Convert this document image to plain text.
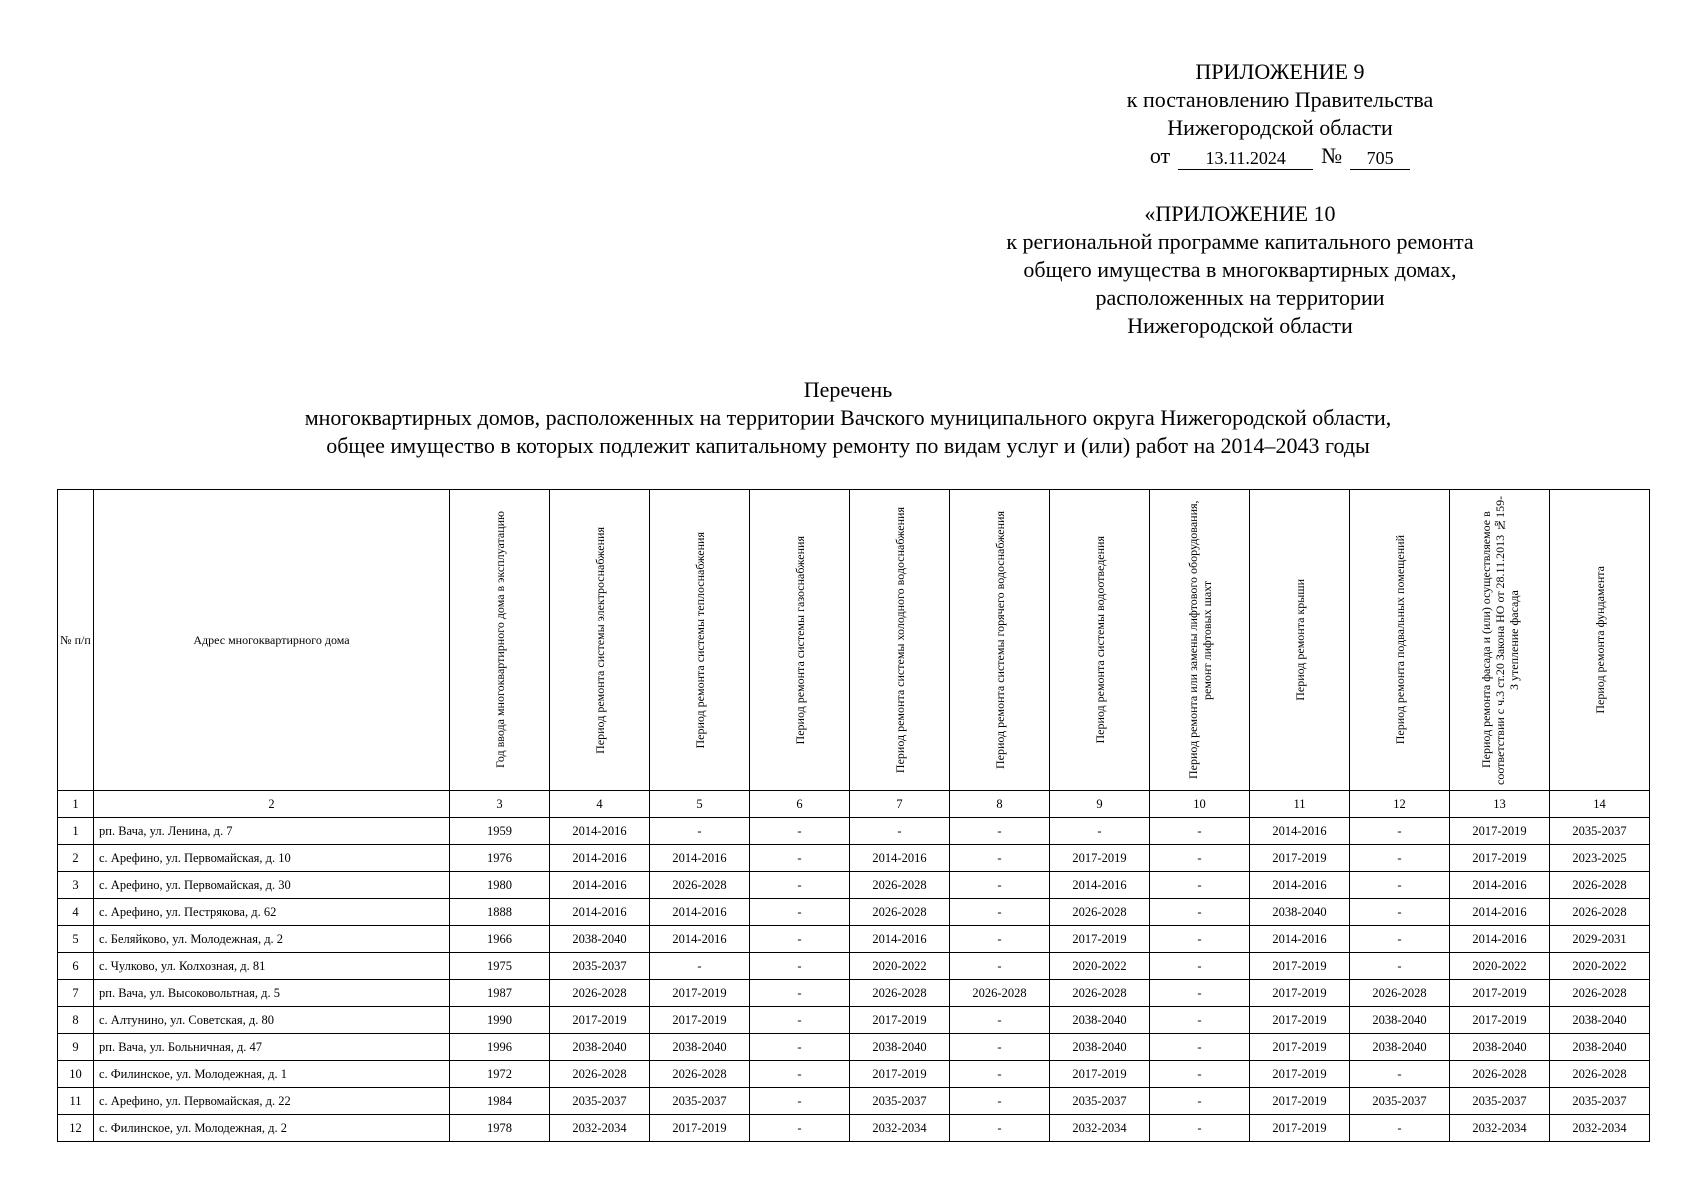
ПРИЛОЖЕНИЕ 9
к постановлению Правительства
Нижегородской области
от	13.11.2024	№	705
«ПРИЛОЖЕНИЕ 10
к региональной программе капитального ремонта
общего имущества в многоквартирных домах,
расположенных на территории
Нижегородской области
Перечень
многоквартирных домов, расположенных на территории Вачского муниципального округа Нижегородской области,
общее имущество в которых подлежит капитальному ремонту по видам услуг и (или) работ на 2014–2043 годы
№ п/п	Адрес многоквартирного дома	Год ввода многоквартирного дома в эксплуатацию	Период ремонта системы электроснабжения	Период ремонта системы теплоснабжения	Период ремонта системы газоснабжения	Период ремонта системы холодного водоснабжения	Период ремонта системы горячего водоснабжения	Период ремонта системы водоотведения	Период ремонта или замены лифтового оборудования, ремонт лифтовых шахт	Период ремонта крыши	Период ремонта подвальных помещений	Период ремонта фасада и (или) осуществляемое в соответствии с ч.3 ст.20 Закона НО от 28.11.2013 №159-З утепление фасада	Период ремонта фундамента

1	2	3	4	5	6	7	8	9	10	11	12	13	14
1	рп. Вача, ул. Ленина, д. 7	1959	2014-2016	-	-	-	-	-	-	2014-2016	-	2017-2019	2035-2037
2	с. Арефино, ул. Первомайская, д. 10	1976	2014-2016	2014-2016	-	2014-2016	-	2017-2019	-	2017-2019	-	2017-2019	2023-2025
3	с. Арефино, ул. Первомайская, д. 30	1980	2014-2016	2026-2028	-	2026-2028	-	2014-2016	-	2014-2016	-	2014-2016	2026-2028
4	с. Арефино, ул. Пестрякова, д. 62	1888	2014-2016	2014-2016	-	2026-2028	-	2026-2028	-	2038-2040	-	2014-2016	2026-2028
5	с. Беляйково, ул. Молодежная, д. 2	1966	2038-2040	2014-2016	-	2014-2016	-	2017-2019	-	2014-2016	-	2014-2016	2029-2031
6	с. Чулково, ул. Колхозная, д. 81	1975	2035-2037	-	-	2020-2022	-	2020-2022	-	2017-2019	-	2020-2022	2020-2022
7	рп. Вача, ул. Высоковольтная, д. 5	1987	2026-2028	2017-2019	-	2026-2028	2026-2028	2026-2028	-	2017-2019	2026-2028	2017-2019	2026-2028
8	с. Алтунино, ул. Советская, д. 80	1990	2017-2019	2017-2019	-	2017-2019	-	2038-2040	-	2017-2019	2038-2040	2017-2019	2038-2040
9	рп. Вача, ул. Больничная, д. 47	1996	2038-2040	2038-2040	-	2038-2040	-	2038-2040	-	2017-2019	2038-2040	2038-2040	2038-2040
10	с. Филинское, ул. Молодежная, д. 1	1972	2026-2028	2026-2028	-	2017-2019	-	2017-2019	-	2017-2019	-	2026-2028	2026-2028
11	с. Арефино, ул. Первомайская, д. 22	1984	2035-2037	2035-2037	-	2035-2037	-	2035-2037	-	2017-2019	2035-2037	2035-2037	2035-2037
12	с. Филинское, ул. Молодежная, д. 2	1978	2032-2034	2017-2019	-	2032-2034	-	2032-2034	-	2017-2019	-	2032-2034	2032-2034
